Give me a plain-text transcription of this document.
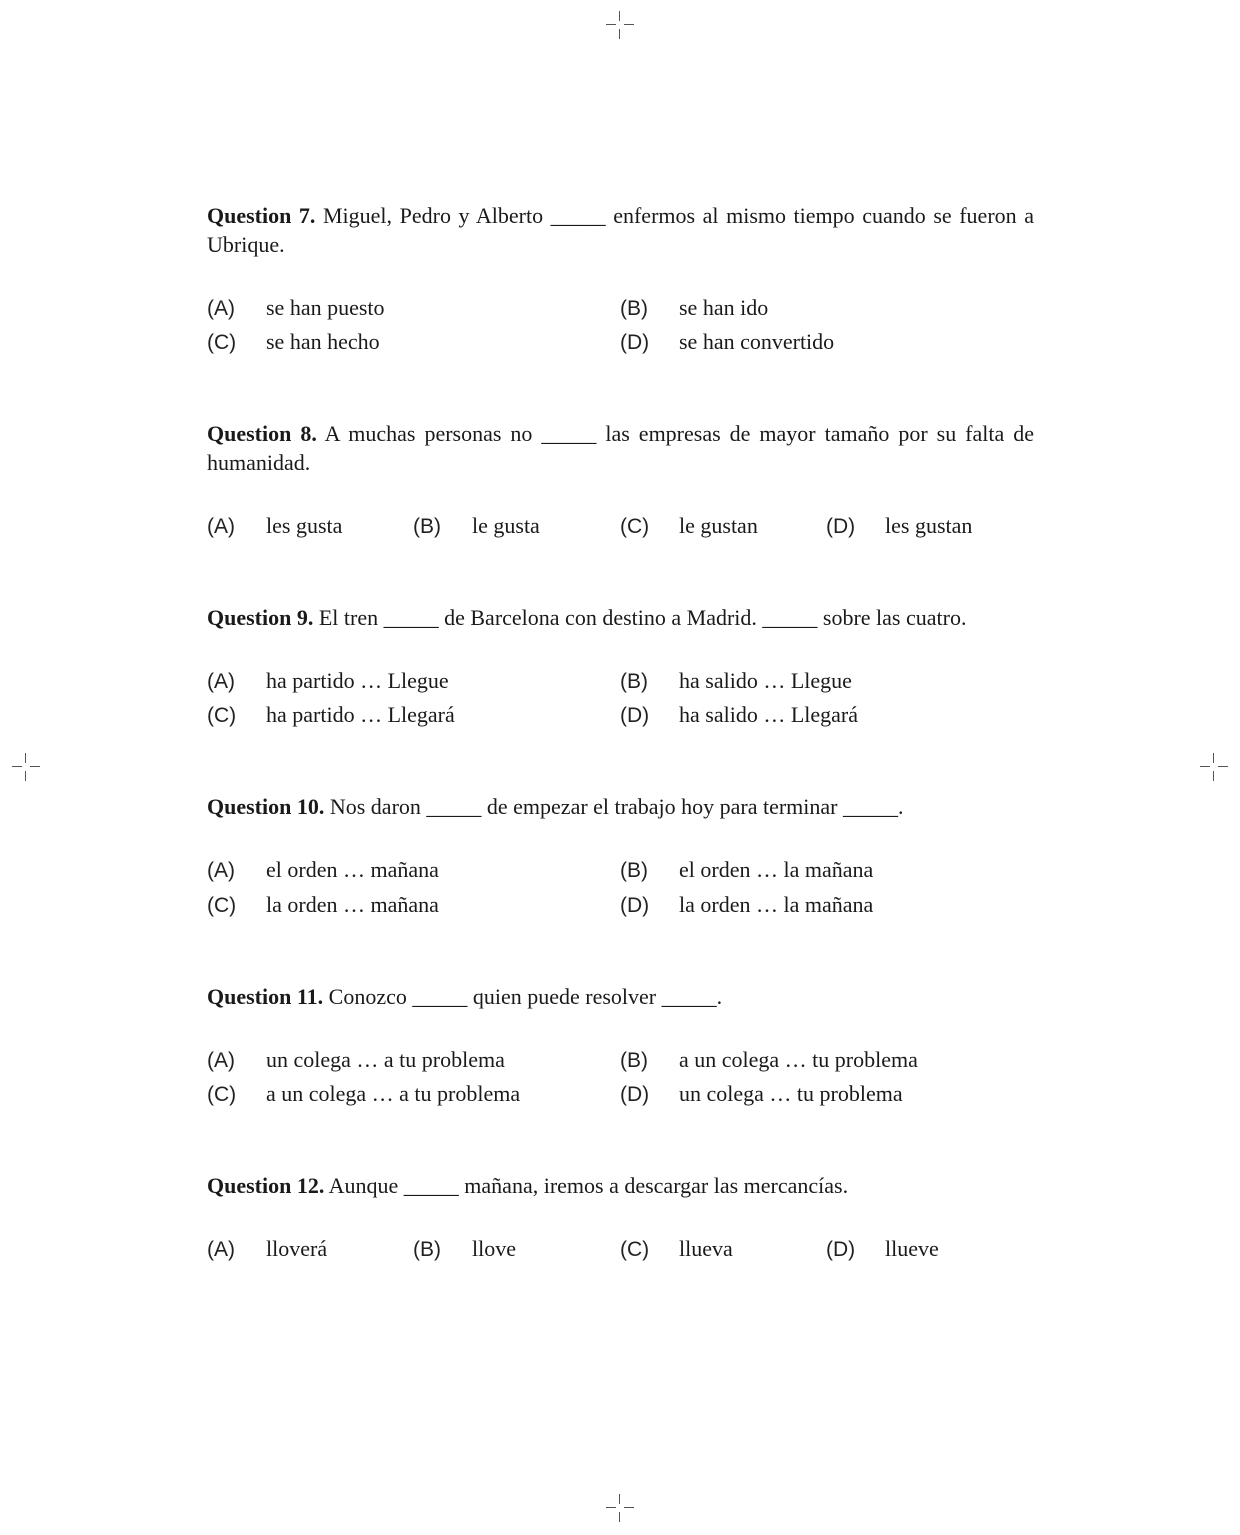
Question 7. Miguel, Pedro y Alberto _____ enfermos al mismo tiempo cuando se fueron a Ubrique.

(A) se han puesto	(B) se han ido
(C) se han hecho	(D) se han convertido

Question 8. A muchas personas no _____ las empresas de mayor tamaño por su falta de humanidad.

(A) les gusta	(B) le gusta	(C) le gustan	(D) les gustan

Question 9. El tren _____ de Barcelona con destino a Madrid. _____ sobre las cuatro.

(A) ha partido … Llegue	(B) ha salido … Llegue
(C) ha partido … Llegará	(D) ha salido … Llegará

Question 10. Nos daron _____ de empezar el trabajo hoy para terminar _____.

(A) el orden … mañana	(B) el orden … la mañana
(C) la orden … mañana	(D) la orden … la mañana

Question 11. Conozco _____ quien puede resolver _____.

(A) un colega … a tu problema	(B) a un colega … tu problema
(C) a un colega … a tu problema	(D) un colega … tu problema

Question 12. Aunque _____ mañana, iremos a descargar las mercancías.

(A) lloverá	(B) llove	(C) llueva	(D) llueve
